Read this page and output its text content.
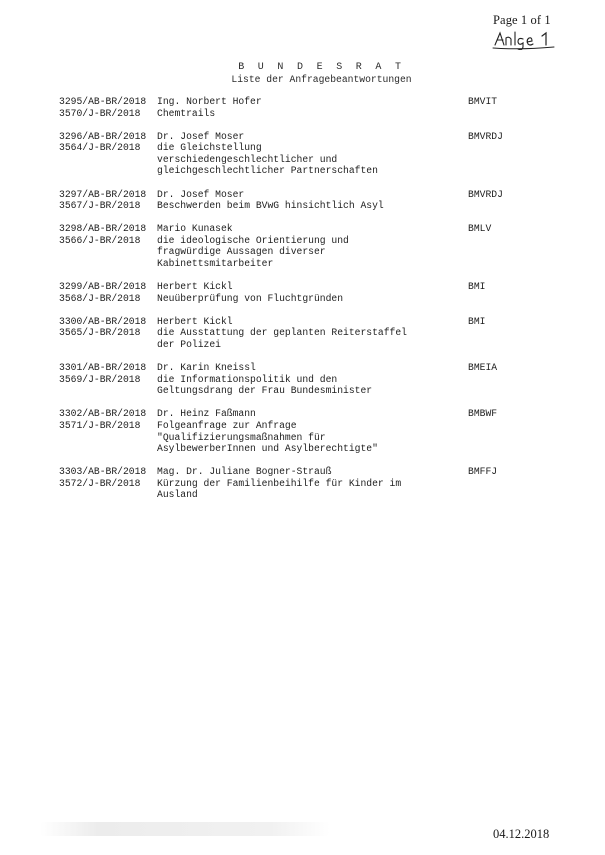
Page 1 of 1
B U N D E S R A T
Liste der Anfragebeantwortungen
3295/AB-BR/2018	Ing. Norbert Hofer
3570/J-BR/2018	Chemtrails
BMVIT
3296/AB-BR/2018	Dr. Josef Moser
3564/J-BR/2018	die Gleichstellung verschiedengeschlechtlicher und gleichgeschlechtlicher Partnerschaften
BMVRDJ
3297/AB-BR/2018	Dr. Josef Moser
3567/J-BR/2018	Beschwerden beim BVwG hinsichtlich Asyl
BMVRDJ
3298/AB-BR/2018	Mario Kunasek
3566/J-BR/2018	die ideologische Orientierung und fragwürdige Aussagen diverser Kabinettsmitarbeiter
BMLV
3299/AB-BR/2018	Herbert Kickl
3568/J-BR/2018	Neuüberprüfung von Fluchtgründen
BMI
3300/AB-BR/2018	Herbert Kickl
3565/J-BR/2018	die Ausstattung der geplanten Reiterstaffel der Polizei
BMI
3301/AB-BR/2018	Dr. Karin Kneissl
3569/J-BR/2018	die Informationspolitik und den Geltungsdrang der Frau Bundesminister
BMEIA
3302/AB-BR/2018	Dr. Heinz Faßmann
3571/J-BR/2018	Folgeanfrage zur Anfrage "Qualifizierungsmaßnahmen für AsylbewerberInnen und Asylberechtigte"
BMBWF
3303/AB-BR/2018	Mag. Dr. Juliane Bogner-Strauß
3572/J-BR/2018	Kürzung der Familienbeihilfe für Kinder im Ausland
BMFFJ
04.12.2018
